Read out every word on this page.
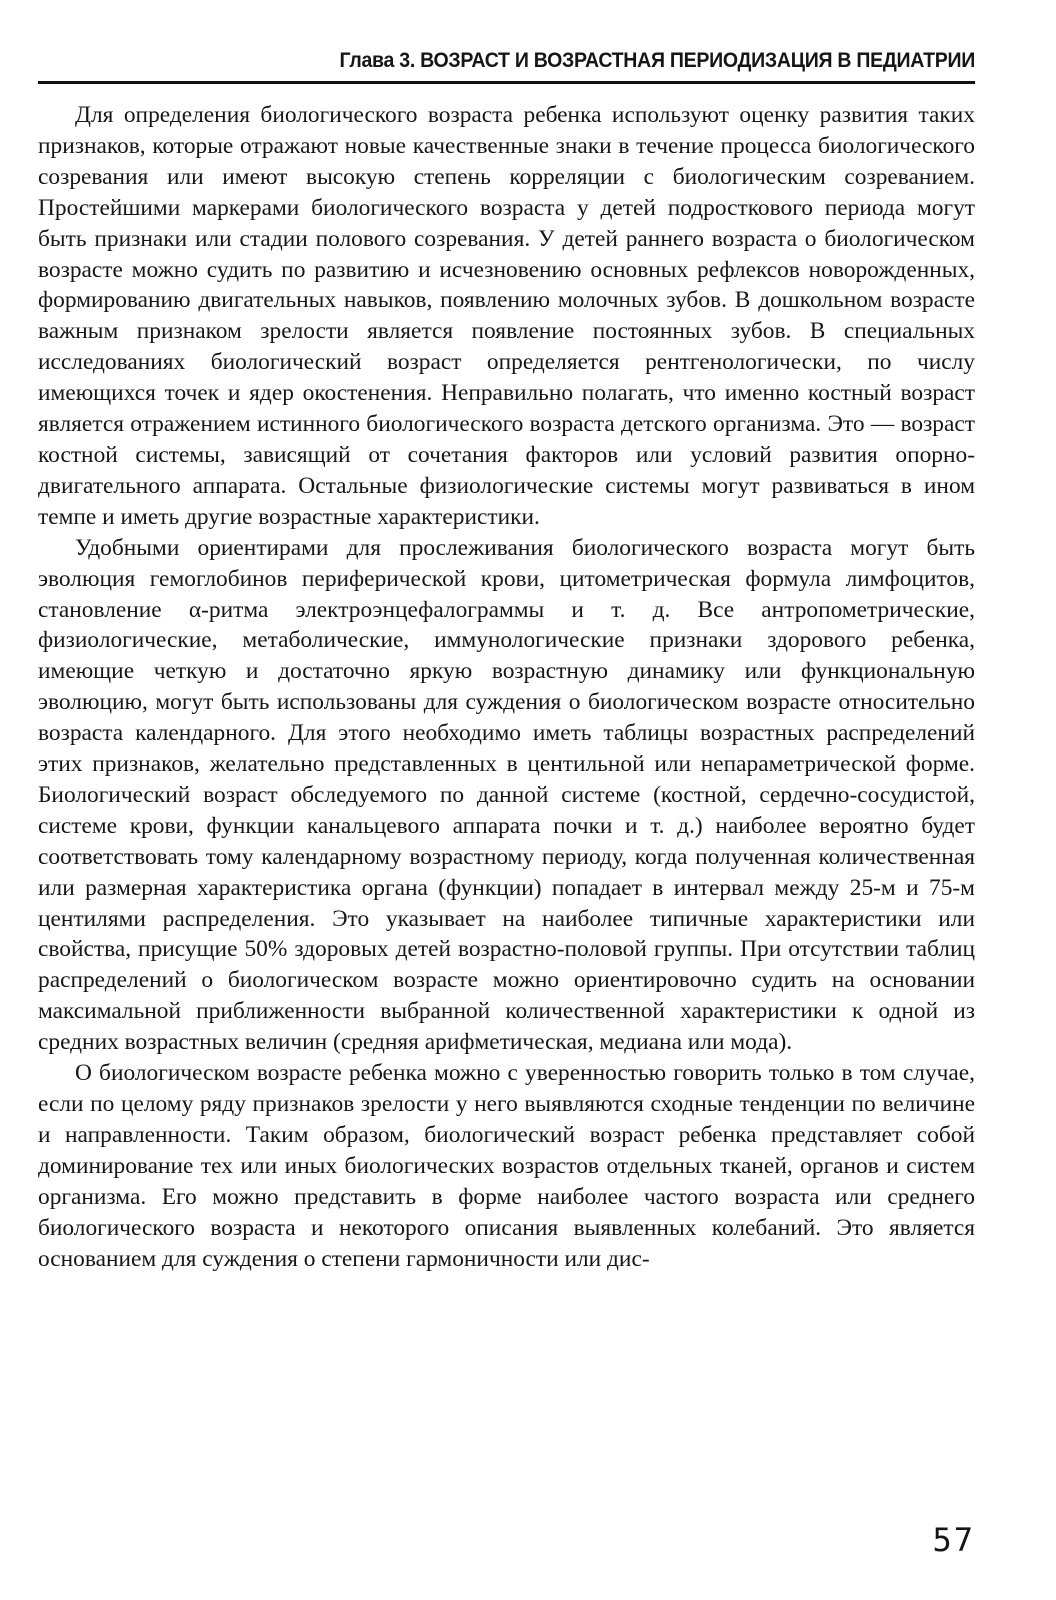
Глава 3. ВОЗРАСТ И ВОЗРАСТНАЯ ПЕРИОДИЗАЦИЯ В ПЕДИАТРИИ

Для определения биологического возраста ребенка используют оценку развития таких признаков, которые отражают новые качественные знаки в течение процесса биологического созревания или имеют высокую степень корреляции с биологическим созреванием. Простейшими маркерами биологического возраста у детей подросткового периода могут быть признаки или стадии полового созревания. У детей раннего возраста о биологическом возрасте можно судить по развитию и исчезновению основных рефлексов новорожденных, формированию двигательных навыков, появлению молочных зубов. В дошкольном возрасте важным признаком зрелости является появление постоянных зубов. В специальных исследованиях биологический возраст определяется рентгенологически, по числу имеющихся точек и ядер окостенения. Неправильно полагать, что именно костный возраст является отражением истинного биологического возраста детского организма. Это — возраст костной системы, зависящий от сочетания факторов или условий развития опорно-двигательного аппарата. Остальные физиологические системы могут развиваться в ином темпе и иметь другие возрастные характеристики.

Удобными ориентирами для прослеживания биологического возраста могут быть эволюция гемоглобинов периферической крови, цитометрическая формула лимфоцитов, становление α-ритма электроэнцефалограммы и т. д. Все антропометрические, физиологические, метаболические, иммунологические признаки здорового ребенка, имеющие четкую и достаточно яркую возрастную динамику или функциональную эволюцию, могут быть использованы для суждения о биологическом возрасте относительно возраста календарного. Для этого необходимо иметь таблицы возрастных распределений этих признаков, желательно представленных в центильной или непараметрической форме. Биологический возраст обследуемого по данной системе (костной, сердечно-сосудистой, системе крови, функции канальцевого аппарата почки и т. д.) наиболее вероятно будет соответствовать тому календарному возрастному периоду, когда полученная количественная или размерная характеристика органа (функции) попадает в интервал между 25-м и 75-м центилями распределения. Это указывает на наиболее типичные характеристики или свойства, присущие 50% здоровых детей возрастно-половой группы. При отсутствии таблиц распределений о биологическом возрасте можно ориентировочно судить на основании максимальной приближенности выбранной количественной характеристики к одной из средних возрастных величин (средняя арифметическая, медиана или мода).

О биологическом возрасте ребенка можно с уверенностью говорить только в том случае, если по целому ряду признаков зрелости у него выявляются сходные тенденции по величине и направленности. Таким образом, биологический возраст ребенка представляет собой доминирование тех или иных биологических возрастов отдельных тканей, органов и систем организма. Его можно представить в форме наиболее частого возраста или среднего биологического возраста и некоторого описания выявленных колебаний. Это является основанием для суждения о степени гармоничности или дис-

57
